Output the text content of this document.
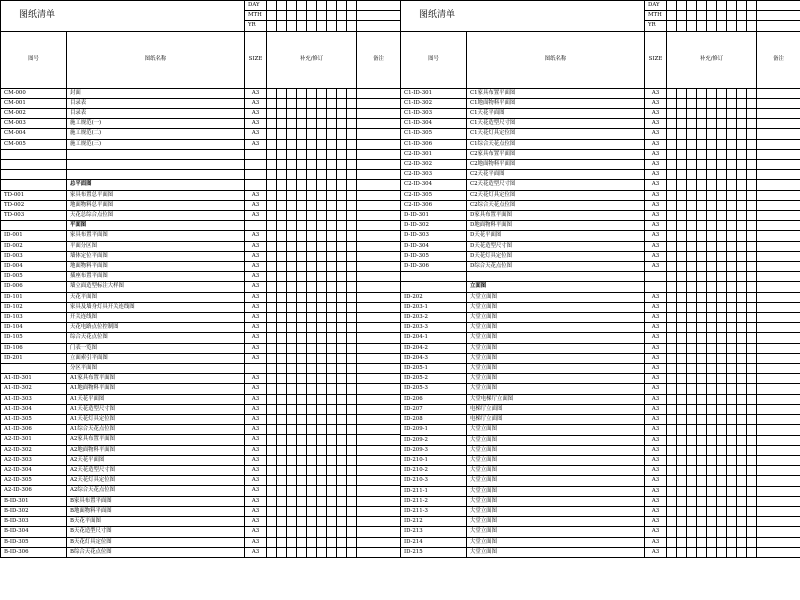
图纸清单		DAY										
		MTH										
		YR										
图号	图纸名称	SIZE	补充/修订									备注
CM-000	封面	A3										
CM-001	目录表	A3										
CM-002	目录表	A3										
CM-003	施工规范(一)	A3										
CM-004	施工规范(二)	A3										
CM-005	施工规范(三)	A3										

	总平面图											
TD-001	家具布置总平面图	A3										
TD-002	地面物料总平面图	A3										
TD-003	天花总综合点位图	A3										
	平面图											
ID-001	家具布置平面图	A3										
ID-002	平面分区图	A3										
ID-003	墙体定位平面图	A3										
ID-004	地面物料平面图	A3										
ID-005	插座布置平面图	A3										
ID-006	墙立面造型标注大样图	A3										
ID-101	天花平面图	A3										
ID-102	家具及墙身灯具开关连线图	A3										
ID-103	开关连线图	A3										
ID-104	天花电路点位控制图	A3										
ID-105	综合天花点位图	A3										
ID-106	门表一览图	A3										
ID-201	立面索引平面图	A3										
	分区平面图											
A1-ID-301	A1家具布置平面图	A3										
A1-ID-302	A1地面物料平面图	A3										
A1-ID-303	A1天花平面图	A3										
A1-ID-304	A1天花造型尺寸图	A3										
A1-ID-305	A1天花灯具定位图	A3										
A1-ID-306	A1综合天花点位图	A3										
A2-ID-301	A2家具布置平面图	A3										
A2-ID-302	A2地面物料平面图	A3										
A2-ID-303	A2天花平面图	A3										
A2-ID-304	A2天花造型尺寸图	A3										
A2-ID-305	A2天花灯具定位图	A3										
A2-ID-306	A2综合天花点位图	A3										
B-ID-301	B家具布置平面图	A3										
B-ID-302	B地面物料平面图	A3										
B-ID-303	B天花平面图	A3										
B-ID-304	B天花造型尺寸图	A3										
B-ID-305	B天花灯具定位图	A3										
B-ID-306	B综合天花点位图	A3										
图纸清单		DAY										
		MTH										
		YR										
图号	图纸名称	SIZE	补充/修订									备注
C1-ID-301	C1家具布置平面图	A3										
C1-ID-302	C1地面物料平面图	A3										
C1-ID-303	C1天花平面图	A3										
C1-ID-304	C1天花造型尺寸图	A3										
C1-ID-305	C1天花灯具定位图	A3										
C1-ID-306	C1综合天花点位图	A3										
C2-ID-301	C2家具布置平面图	A3										
C2-ID-302	C2地面物料平面图	A3										
C2-ID-303	C2天花平面图	A3										
C2-ID-304	C2天花造型尺寸图	A3										
C2-ID-305	C2天花灯具定位图	A3										
C2-ID-306	C2综合天花点位图	A3										
D-ID-301	D家具布置平面图	A3										
D-ID-302	D地面物料平面图	A3										
D-ID-303	D天花平面图	A3										
D-ID-304	D天花造型尺寸图	A3										
D-ID-305	D天花灯具定位图	A3										
D-ID-306	D综合天花点位图	A3										

	立面图											
ID-202	大堂立面图	A3										
ID-203-1	大堂立面图	A3										
ID-203-2	大堂立面图	A3										
ID-203-3	大堂立面图	A3										
ID-204-1	大堂立面图	A3										
ID-204-2	大堂立面图	A3										
ID-204-3	大堂立面图	A3										
ID-205-1	大堂立面图	A3										
ID-205-2	大堂立面图	A3										
ID-205-3	大堂立面图	A3										
ID-206	大堂电梯厅立面图	A3										
ID-207	电梯厅立面图	A3										
ID-208	电梯厅立面图	A3										
ID-209-1	大堂立面图	A3										
ID-209-2	大堂立面图	A3										
ID-209-3	大堂立面图	A3										
ID-210-1	大堂立面图	A3										
ID-210-2	大堂立面图	A3										
ID-210-3	大堂立面图	A3										
ID-211-1	大堂立面图	A3										
ID-211-2	大堂立面图	A3										
ID-211-3	大堂立面图	A3										
ID-212	大堂立面图	A3										
ID-213	大堂立面图	A3										
ID-214	大堂立面图	A3										
ID-215	大堂立面图	A3										
